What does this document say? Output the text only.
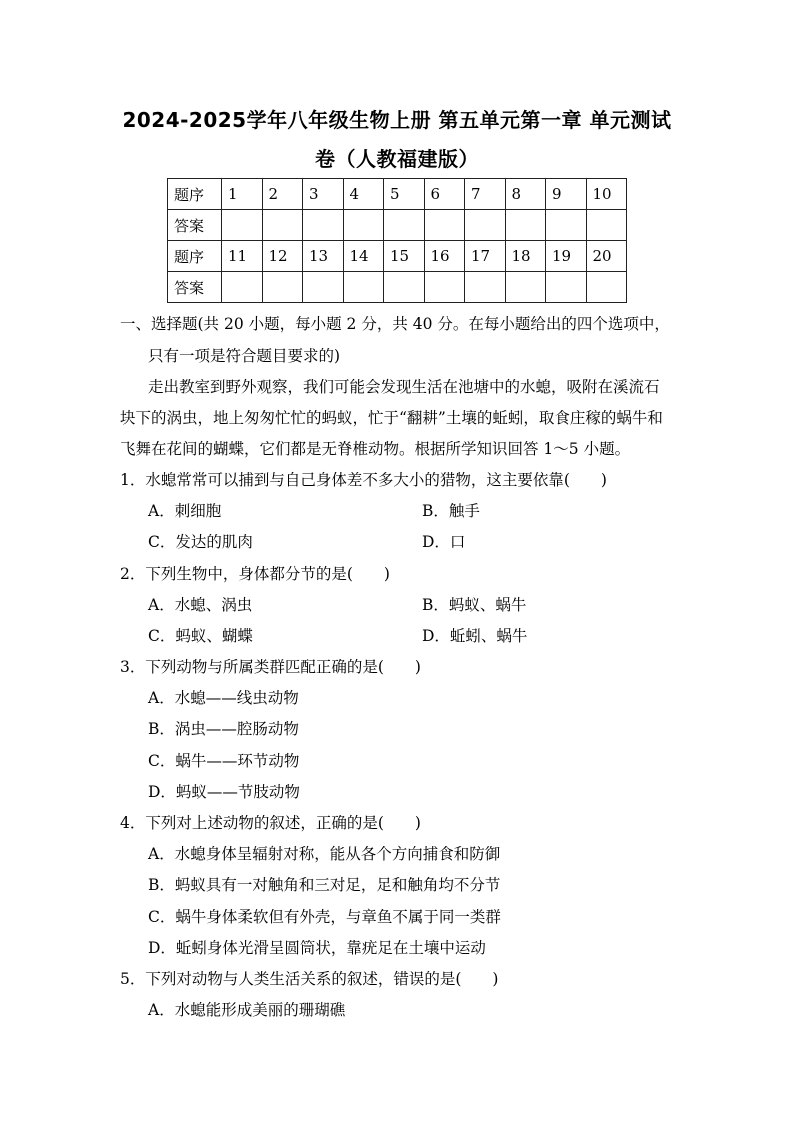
2024-2025学年八年级生物上册 第五单元第一章 单元测试
卷（人教福建版）
题序	1	2	3	4	5	6	7	8	9	10
答案										
题序	11	12	13	14	15	16	17	18	19	20
答案										
一、选择题(共 20 小题，每小题 2 分，共 40 分。在每小题给出的四个选项中，
只有一项是符合题目要求的)
走出教室到野外观察，我们可能会发现生活在池塘中的水螅，吸附在溪流石
块下的涡虫，地上匆匆忙忙的蚂蚁，忙于“翻耕”土壤的蚯蚓，取食庄稼的蜗牛和
飞舞在花间的蝴蝶，它们都是无脊椎动物。根据所学知识回答 1～5 小题。
1．水螅常常可以捕到与自己身体差不多大小的猎物，这主要依靠(　　)
A．刺细胞	B．触手
C．发达的肌肉	D．口
2．下列生物中，身体都分节的是(　　)
A．水螅、涡虫	B．蚂蚁、蜗牛
C．蚂蚁、蝴蝶	D．蚯蚓、蜗牛
3．下列动物与所属类群匹配正确的是(　　)
A．水螅——线虫动物
B．涡虫——腔肠动物
C．蜗牛——环节动物
D．蚂蚁——节肢动物
4．下列对上述动物的叙述，正确的是(　　)
A．水螅身体呈辐射对称，能从各个方向捕食和防御
B．蚂蚁具有一对触角和三对足，足和触角均不分节
C．蜗牛身体柔软但有外壳，与章鱼不属于同一类群
D．蚯蚓身体光滑呈圆筒状，靠疣足在土壤中运动
5．下列对动物与人类生活关系的叙述，错误的是(　　)
A．水螅能形成美丽的珊瑚礁
